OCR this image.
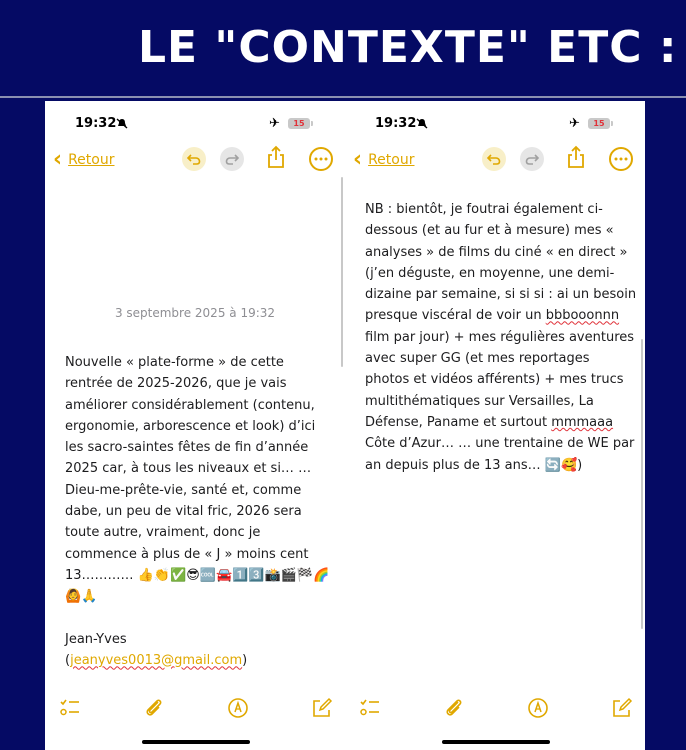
LE "CONTEXTE" ETC :
19:32	✈	15
‹ Retour
3 septembre 2025 à 19:32
Nouvelle « plate-forme » de cette rentrée de 2025-2026, que je vais améliorer considérablement (contenu, ergonomie, arborescence et look) d’ici les sacro-saintes fêtes de fin d’année 2025 car, à tous les niveaux et si… … Dieu-me-prête-vie, santé et, comme dabe, un peu de vital fric, 2026 sera toute autre, vraiment, donc je commence à plus de « J » moins cent 13………… 👍👏✅😎🆒🚘1️⃣3️⃣📸🎬🏁🌈🙆🙏
Jean-Yves
(jeanyves0013@gmail.com)
19:32	✈	15
‹ Retour
NB : bientôt, je foutrai également ci-dessous (et au fur et à mesure) mes « analyses » de films du ciné « en direct » (j’en déguste, en moyenne, une demi-dizaine par semaine, si si si : ai un besoin presque viscéral de voir un bbbooonnn film par jour) + mes régulières aventures avec super GG (et mes reportages photos et vidéos afférents) + mes trucs multithématiques sur Versailles, La Défense, Paname et surtout mmmaaa Côte d’Azur… … une trentaine de WE par an depuis plus de 13 ans… 🔄🥰)
